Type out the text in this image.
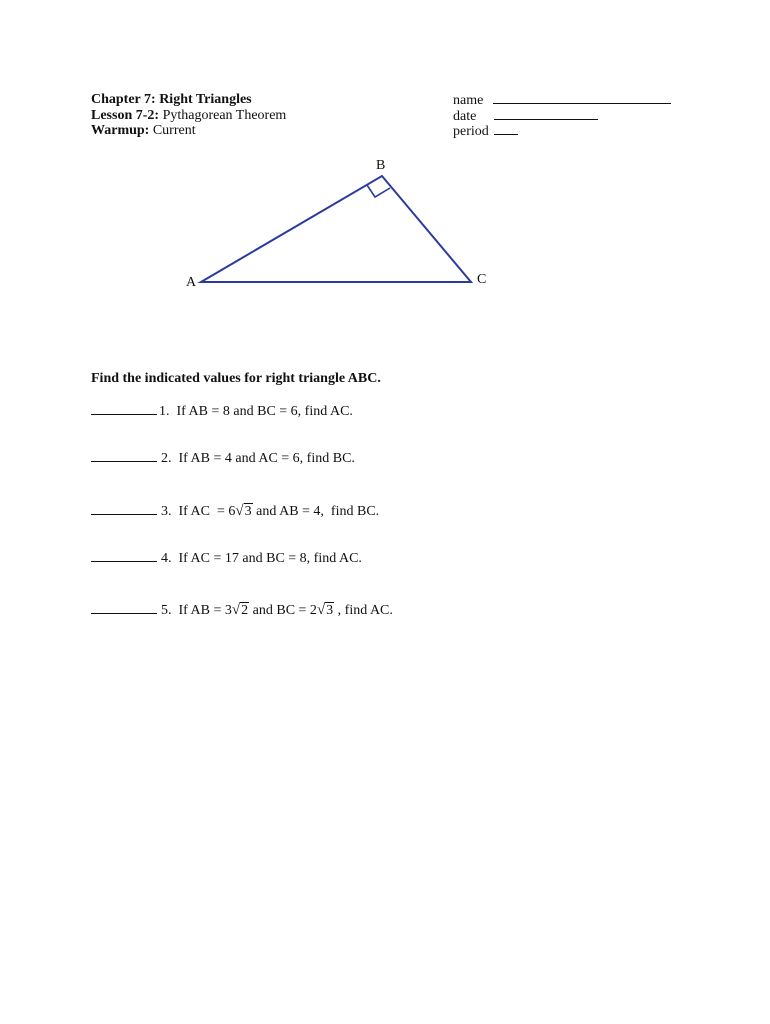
Chapter 7: Right Triangles
Lesson 7-2: Pythagorean Theorem
Warmup: Current
name
date
period
B
A	C
Find the indicated values for right triangle ABC.
1. If AB = 8 and BC = 6, find AC.
2. If AB = 4 and AC = 6, find BC.
3. If AC  = 6√3 and AB = 4,  find BC.
4. If AC = 17 and BC = 8, find AC.
5. If AB = 3√2 and BC = 2√3 , find AC.
